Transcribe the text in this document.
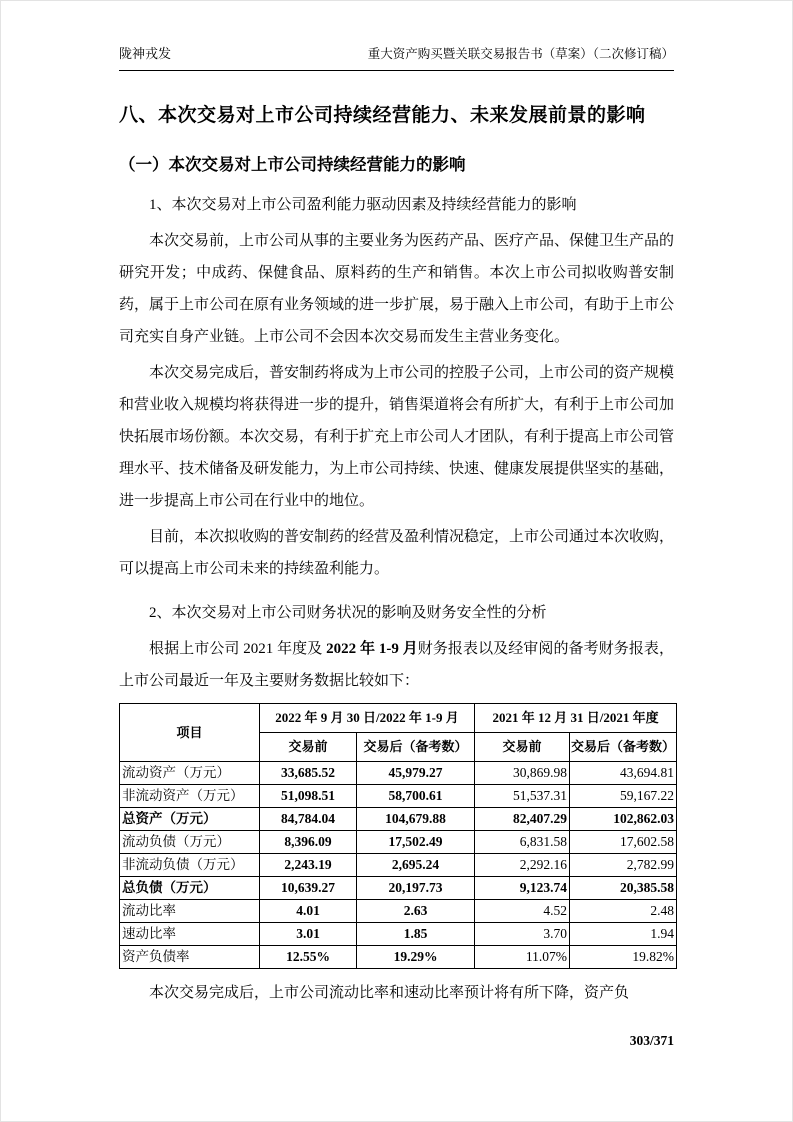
陇神戎发	重大资产购买暨关联交易报告书（草案）（二次修订稿）
八、本次交易对上市公司持续经营能力、未来发展前景的影响
（一）本次交易对上市公司持续经营能力的影响

1、本次交易对上市公司盈利能力驱动因素及持续经营能力的影响

本次交易前，上市公司从事的主要业务为医药产品、医疗产品、保健卫生产品的研究开发；中成药、保健食品、原料药的生产和销售。本次上市公司拟收购普安制药，属于上市公司在原有业务领域的进一步扩展，易于融入上市公司，有助于上市公司充实自身产业链。上市公司不会因本次交易而发生主营业务变化。

本次交易完成后，普安制药将成为上市公司的控股子公司，上市公司的资产规模和营业收入规模均将获得进一步的提升，销售渠道将会有所扩大，有利于上市公司加快拓展市场份额。本次交易，有利于扩充上市公司人才团队，有利于提高上市公司管理水平、技术储备及研发能力，为上市公司持续、快速、健康发展提供坚实的基础，进一步提高上市公司在行业中的地位。

目前，本次拟收购的普安制药的经营及盈利情况稳定，上市公司通过本次收购，可以提高上市公司未来的持续盈利能力。

2、本次交易对上市公司财务状况的影响及财务安全性的分析

根据上市公司 2021 年度及 2022 年 1-9 月财务报表以及经审阅的备考财务报表，上市公司最近一年及主要财务数据比较如下：

项目	2022 年 9 月 30 日/2022 年 1-9 月		2021 年 12 月 31 日/2021 年度	
	交易前	交易后（备考数）	交易前	交易后（备考数）
流动资产（万元）	33,685.52	45,979.27	30,869.98	43,694.81
非流动资产（万元）	51,098.51	58,700.61	51,537.31	59,167.22
总资产（万元）	84,784.04	104,679.88	82,407.29	102,862.03
流动负债（万元）	8,396.09	17,502.49	6,831.58	17,602.58
非流动负债（万元）	2,243.19	2,695.24	2,292.16	2,782.99
总负债（万元）	10,639.27	20,197.73	9,123.74	20,385.58
流动比率	4.01	2.63	4.52	2.48
速动比率	3.01	1.85	3.70	1.94
资产负债率	12.55%	19.29%	11.07%	19.82%

本次交易完成后，上市公司流动比率和速动比率预计将有所下降，资产负

303/371
